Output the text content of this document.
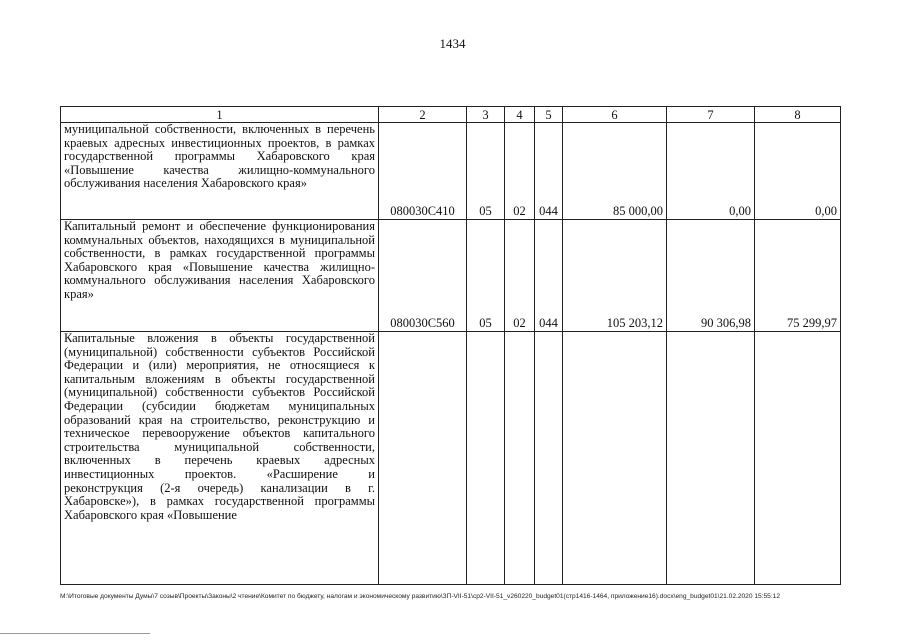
1434
1	2	3	4	5	6	7	8

муниципальной собственности, включенных в перечень краевых адресных инвестиционных проектов, в рамках государственной программы Хабаровского края «Повышение качества жилищно-коммунального обслуживания населения Хабаровского края»	080030С410	05	02	044	85 000,00	0,00	0,00

Капитальный ремонт и обеспечение функционирования коммунальных объектов, находящихся в муниципальной собственности, в рамках государственной программы Хабаровского края «Повышение качества жилищно-коммунального обслуживания населения Хабаровского края»	080030С560	05	02	044	105 203,12	90 306,98	75 299,97

Капитальные вложения в объекты государственной (муниципальной) собственности субъектов Российской Федерации и (или) мероприятия, не относящиеся к капитальным вложениям в объекты государственной (муниципальной) собственности субъектов Российской Федерации (субсидии бюджетам муниципальных образований края на строительство, реконструкцию и техническое перевооружение объектов капитального строительства муниципальной собственности, включенных в перечень краевых адресных инвестиционных проектов. «Расширение и реконструкция (2-я очередь) канализации в г. Хабаровске»), в рамках государственной программы Хабаровского края «Повышение							

M:\Итоговые документы Думы\7 созыв\Проекты\Законы\2 чтение\Комитет по бюджету, налогам и экономическому развитию\ЗП-VII-51\ср2-VII-51_v260220_budget01(стр1416-1464, приложение16).docx\eng_budget01\21.02.2020 15:55:12
